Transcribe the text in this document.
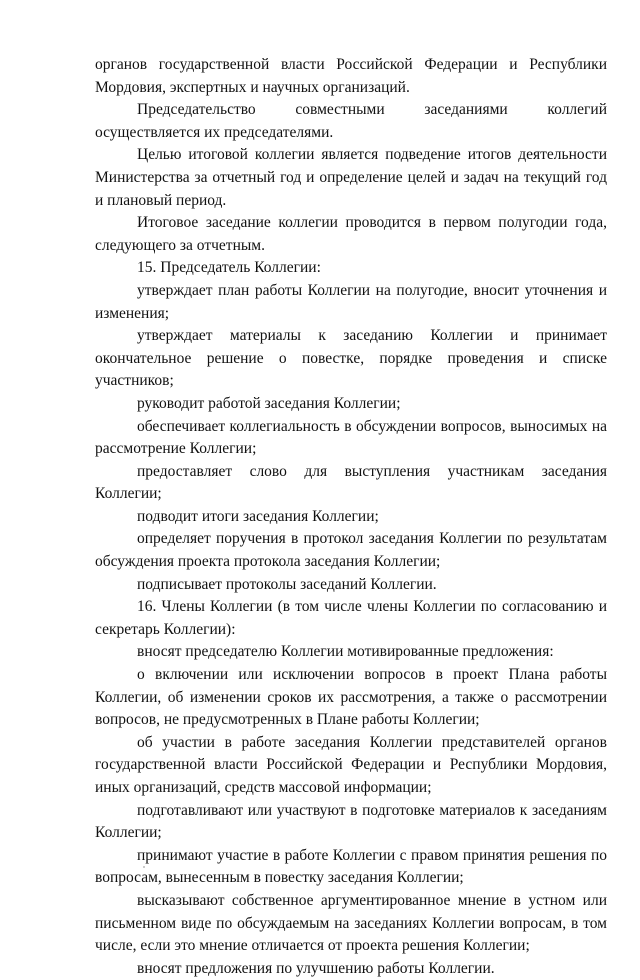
органов государственной власти Российской Федерации и Республики Мордовия, экспертных и научных организаций.

Председательство совместными заседаниями коллегий осуществляется их председателями.

Целью итоговой коллегии является подведение итогов деятельности Министерства за отчетный год и определение целей и задач на текущий год и плановый период.

Итоговое заседание коллегии проводится в первом полугодии года, следующего за отчетным.

15. Председатель Коллегии:

утверждает план работы Коллегии на полугодие, вносит уточнения и изменения;

утверждает материалы к заседанию Коллегии и принимает окончательное решение о повестке, порядке проведения и списке участников;

руководит работой заседания Коллегии;

обеспечивает коллегиальность в обсуждении вопросов, выносимых на рассмотрение Коллегии;

предоставляет слово для выступления участникам заседания Коллегии;

подводит итоги заседания Коллегии;

определяет поручения в протокол заседания Коллегии по результатам обсуждения проекта протокола заседания Коллегии;

подписывает протоколы заседаний Коллегии.

16. Члены Коллегии (в том числе члены Коллегии по согласованию и секретарь Коллегии):

вносят председателю Коллегии мотивированные предложения:

о включении или исключении вопросов в проект Плана работы Коллегии, об изменении сроков их рассмотрения, а также о рассмотрении вопросов, не предусмотренных в Плане работы Коллегии;

об участии в работе заседания Коллегии представителей органов государственной власти Российской Федерации и Республики Мордовия, иных организаций, средств массовой информации;

подготавливают или участвуют в подготовке материалов к заседаниям Коллегии;

принимают участие в работе Коллегии с правом принятия решения по вопросам, вынесенным в повестку заседания Коллегии;

высказывают собственное аргументированное мнение в устном или письменном виде по обсуждаемым на заседаниях Коллегии вопросам, в том числе, если это мнение отличается от проекта решения Коллегии;

вносят предложения по улучшению работы Коллегии.
